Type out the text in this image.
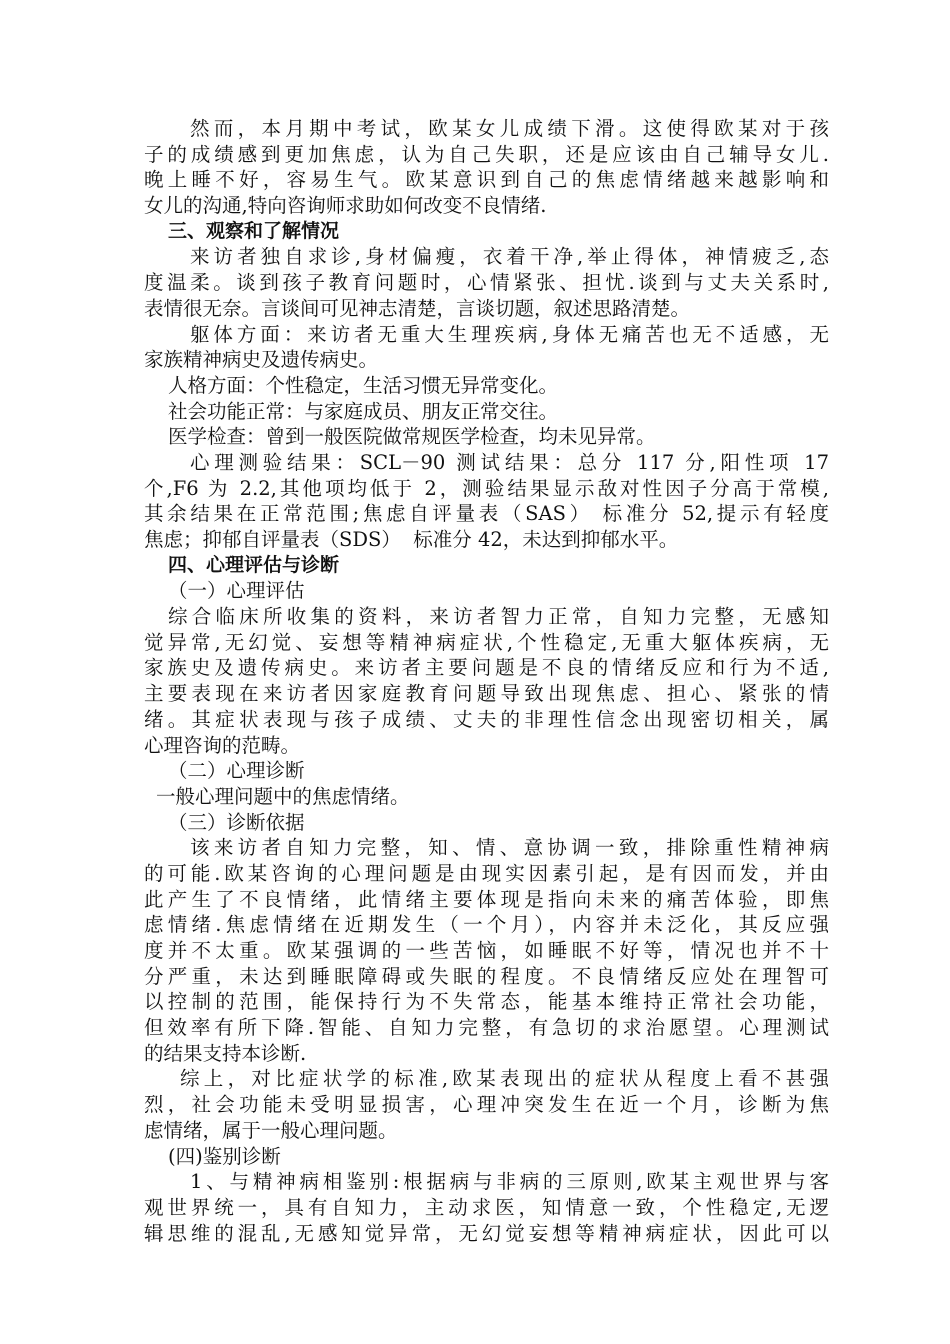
然而，本月期中考试，欧某女儿成绩下滑。这使得欧某对于孩
子的成绩感到更加焦虑，认为自己失职，还是应该由自己辅导女儿.
晚上睡不好，容易生气。欧某意识到自己的焦虑情绪越来越影响和
女儿的沟通,特向咨询师求助如何改变不良情绪.
三、观察和了解情况
来访者独自求诊,身材偏瘦，衣着干净,举止得体，神情疲乏,态
度温柔。谈到孩子教育问题时，心情紧张、担忧.谈到与丈夫关系时,
表情很无奈。言谈间可见神志清楚，言谈切题，叙述思路清楚。
躯体方面：来访者无重大生理疾病,身体无痛苦也无不适感，无
家族精神病史及遗传病史。
人格方面：个性稳定，生活习惯无异常变化。
社会功能正常：与家庭成员、朋友正常交往。
医学检查：曾到一般医院做常规医学检查，均未见异常。
心理测验结果：SCL－90 测试结果：总分 117 分,阳性项 17
个,F6 为 2.2,其他项均低于 2，测验结果显示敌对性因子分高于常模,
其余结果在正常范围;焦虑自评量表（SAS） 标准分 52,提示有轻度
焦虑；抑郁自评量表（SDS）  标准分 42，未达到抑郁水平。
四、心理评估与诊断
（一）心理评估
综合临床所收集的资料，来访者智力正常，自知力完整，无感知
觉异常,无幻觉、妄想等精神病症状,个性稳定,无重大躯体疾病，无
家族史及遗传病史。来访者主要问题是不良的情绪反应和行为不适,
主要表现在来访者因家庭教育问题导致出现焦虑、担心、紧张的情
绪。其症状表现与孩子成绩、丈夫的非理性信念出现密切相关，属
心理咨询的范畴。
（二）心理诊断
一般心理问题中的焦虑情绪。
（三）诊断依据
该来访者自知力完整，知、情、意协调一致，排除重性精神病
的可能.欧某咨询的心理问题是由现实因素引起，是有因而发，并由
此产生了不良情绪，此情绪主要体现是指向未来的痛苦体验，即焦
虑情绪.焦虑情绪在近期发生（一个月），内容并未泛化，其反应强
度并不太重。欧某强调的一些苦恼，如睡眠不好等，情况也并不十
分严重，未达到睡眠障碍或失眠的程度。不良情绪反应处在理智可
以控制的范围，能保持行为不失常态，能基本维持正常社会功能，
但效率有所下降.智能、自知力完整，有急切的求治愿望。心理测试
的结果支持本诊断.
综上，对比症状学的标准,欧某表现出的症状从程度上看不甚强
烈，社会功能未受明显损害，心理冲突发生在近一个月，诊断为焦
虑情绪，属于一般心理问题。
(四)鉴别诊断
1、与精神病相鉴别:根据病与非病的三原则,欧某主观世界与客
观世界统一，具有自知力，主动求医，知情意一致，个性稳定,无逻
辑思维的混乱,无感知觉异常，无幻觉妄想等精神病症状，因此可以
